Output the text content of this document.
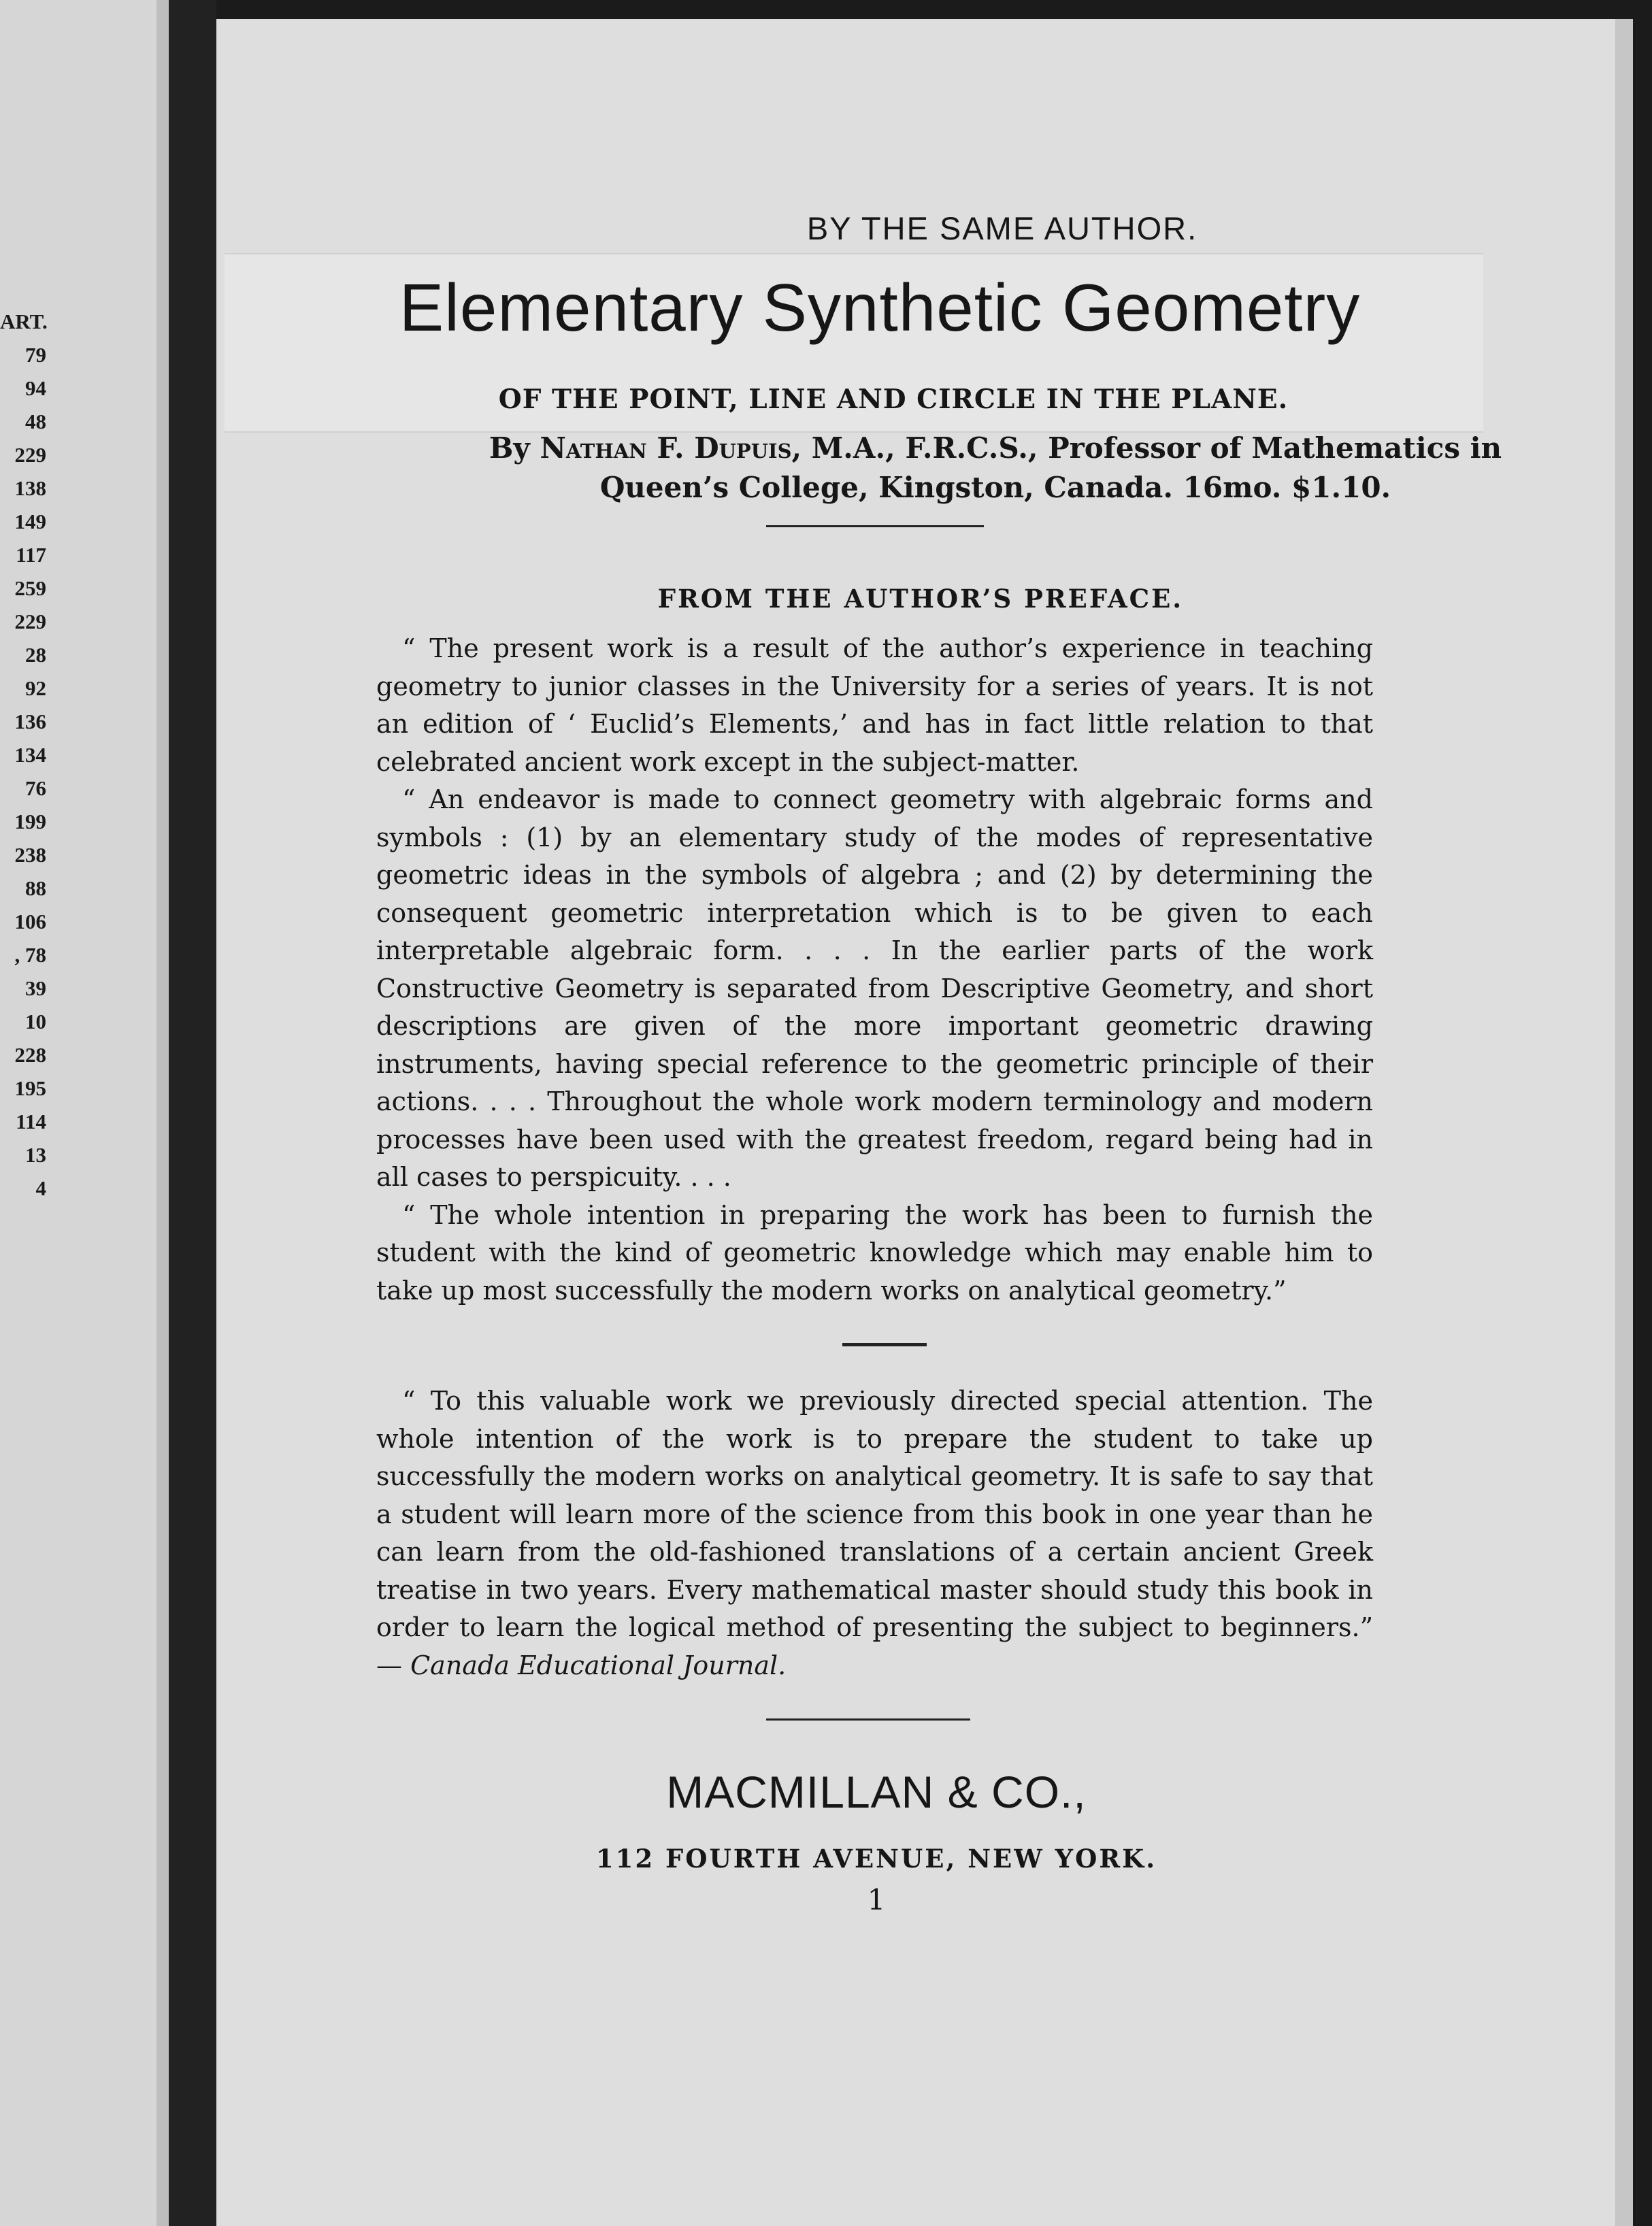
ART.
79
94
48
229
138
149
117
259
229
28
92
136
134
76
199
238
88
106
, 78
39
10
228
195
114
13
4
BY THE SAME AUTHOR.
Elementary Synthetic Geometry
OF THE POINT, LINE AND CIRCLE IN THE PLANE.
By Nathan F. Dupuis, M.A., F.R.C.S., Professor of Mathematics in
Queen’s College, Kingston, Canada. 16mo. $1.10.
FROM THE AUTHOR’S PREFACE.

“ The present work is a result of the author’s experience in teaching geometry to junior classes in the University for a series of years. It is not an edition of ‘ Euclid’s Elements,’ and has in fact little relation to that celebrated ancient work except in the subject-matter.

“ An endeavor is made to connect geometry with algebraic forms and symbols : (1) by an elementary study of the modes of representative geometric ideas in the symbols of algebra ; and (2) by determining the consequent geometric interpretation which is to be given to each interpretable algebraic form. . . . In the earlier parts of the work Constructive Geometry is separated from Descriptive Geometry, and short descriptions are given of the more important geometric drawing instruments, having special reference to the geometric principle of their actions. . . . Throughout the whole work modern terminology and modern processes have been used with the greatest freedom, regard being had in all cases to perspicuity. . . .

“ The whole intention in preparing the work has been to furnish the student with the kind of geometric knowledge which may enable him to take up most successfully the modern works on analytical geometry.”

“ To this valuable work we previously directed special attention. The whole intention of the work is to prepare the student to take up successfully the modern works on analytical geometry. It is safe to say that a student will learn more of the science from this book in one year than he can learn from the old-fashioned translations of a certain ancient Greek treatise in two years. Every mathematical master should study this book in order to learn the logical method of presenting the subject to beginners.” — Canada Educational Journal.

MACMILLAN & CO.,
112 FOURTH AVENUE, NEW YORK.
1
